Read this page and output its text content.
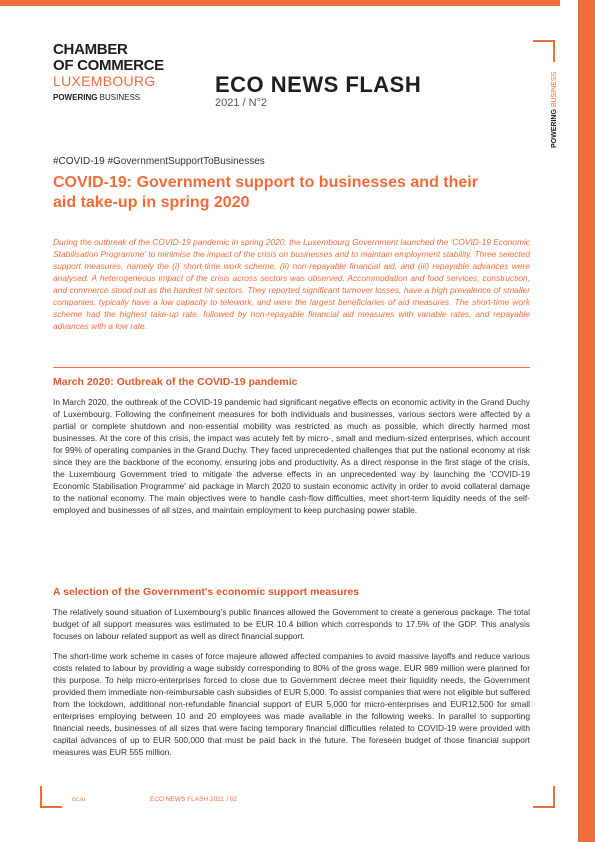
CHAMBER
OF COMMERCE
LUXEMBOURG
POWERING BUSINESS
POWERING BUSINESS
ECO NEWS FLASH
2021 / N°2
#COVID-19 #GovernmentSupportToBusinesses
COVID-19: Government support to businesses and their aid take-up in spring 2020
During the outbreak of the COVID-19 pandemic in spring 2020, the Luxembourg Government launched the 'COVID-19 Economic Stabilisation Programme' to minimise the impact of the crisis on businesses and to maintain employment stability. Three selected support measures, namely the (i) short-time work scheme, (ii) non-repayable financial aid, and (iii) repayable advances were analysed. A heterogeneous impact of the crisis across sectors was observed. Accommodation and food services, construction, and commerce stood out as the hardest hit sectors. They reported significant turnover losses, have a high prevalence of smaller companies, typically have a low capacity to telework, and were the largest beneficiaries of aid measures. The short-time work scheme had the highest take-up rate, followed by non-repayable financial aid measures with variable rates, and repayable advances with a low rate.
March 2020: Outbreak of the COVID-19 pandemic

In March 2020, the outbreak of the COVID-19 pandemic had significant negative effects on economic activity in the Grand Duchy of Luxembourg. Following the confinement measures for both individuals and businesses, various sectors were affected by a partial or complete shutdown and non-essential mobility was restricted as much as possible, which directly harmed most businesses. At the core of this crisis, the impact was acutely felt by micro-, small and medium-sized enterprises, which account for 99% of operating companies in the Grand Duchy. They faced unprecedented challenges that put the national economy at risk since they are the backbone of the economy, ensuring jobs and productivity. As a direct response in the first stage of the crisis, the Luxembourg Government tried to mitigate the adverse effects in an unprecedented way by launching the 'COVID-19 Economic Stabilisation Programme' aid package in March 2020 to sustain economic activity in order to avoid collateral damage to the national economy. The main objectives were to handle cash-flow difficulties, meet short-term liquidity needs of the self-employed and businesses of all sizes, and maintain employment to keep purchasing power stable.

A selection of the Government's economic support measures

The relatively sound situation of Luxembourg's public finances allowed the Government to create a generous package. The total budget of all support measures was estimated to be EUR 10.4 billion which corresponds to 17.5% of the GDP. This analysis focuses on labour related support as well as direct financial support.

The short-time work scheme in cases of force majeure allowed affected companies to avoid massive layoffs and reduce various costs related to labour by providing a wage subsidy corresponding to 80% of the gross wage. EUR 989 million were planned for this purpose. To help micro-enterprises forced to close due to Government decree meet their liquidity needs, the Government provided them immediate non-reimbursable cash subsidies of EUR 5,000. To assist companies that were not eligible but suffered from the lockdown, additional non-refundable financial support of EUR 5,000 for micro-enterprises and EUR12,500 for small enterprises employing between 10 and 20 employees was made available in the following weeks. In parallel to supporting financial needs, businesses of all sizes that were facing temporary financial difficulties related to COVID-19 were provided with capital advances of up to EUR 500,000 that must be paid back in the future. The foreseen budget of those financial support measures was EUR 555 million.

cc.lu	ECO NEWS FLASH 2021 / 02	1
